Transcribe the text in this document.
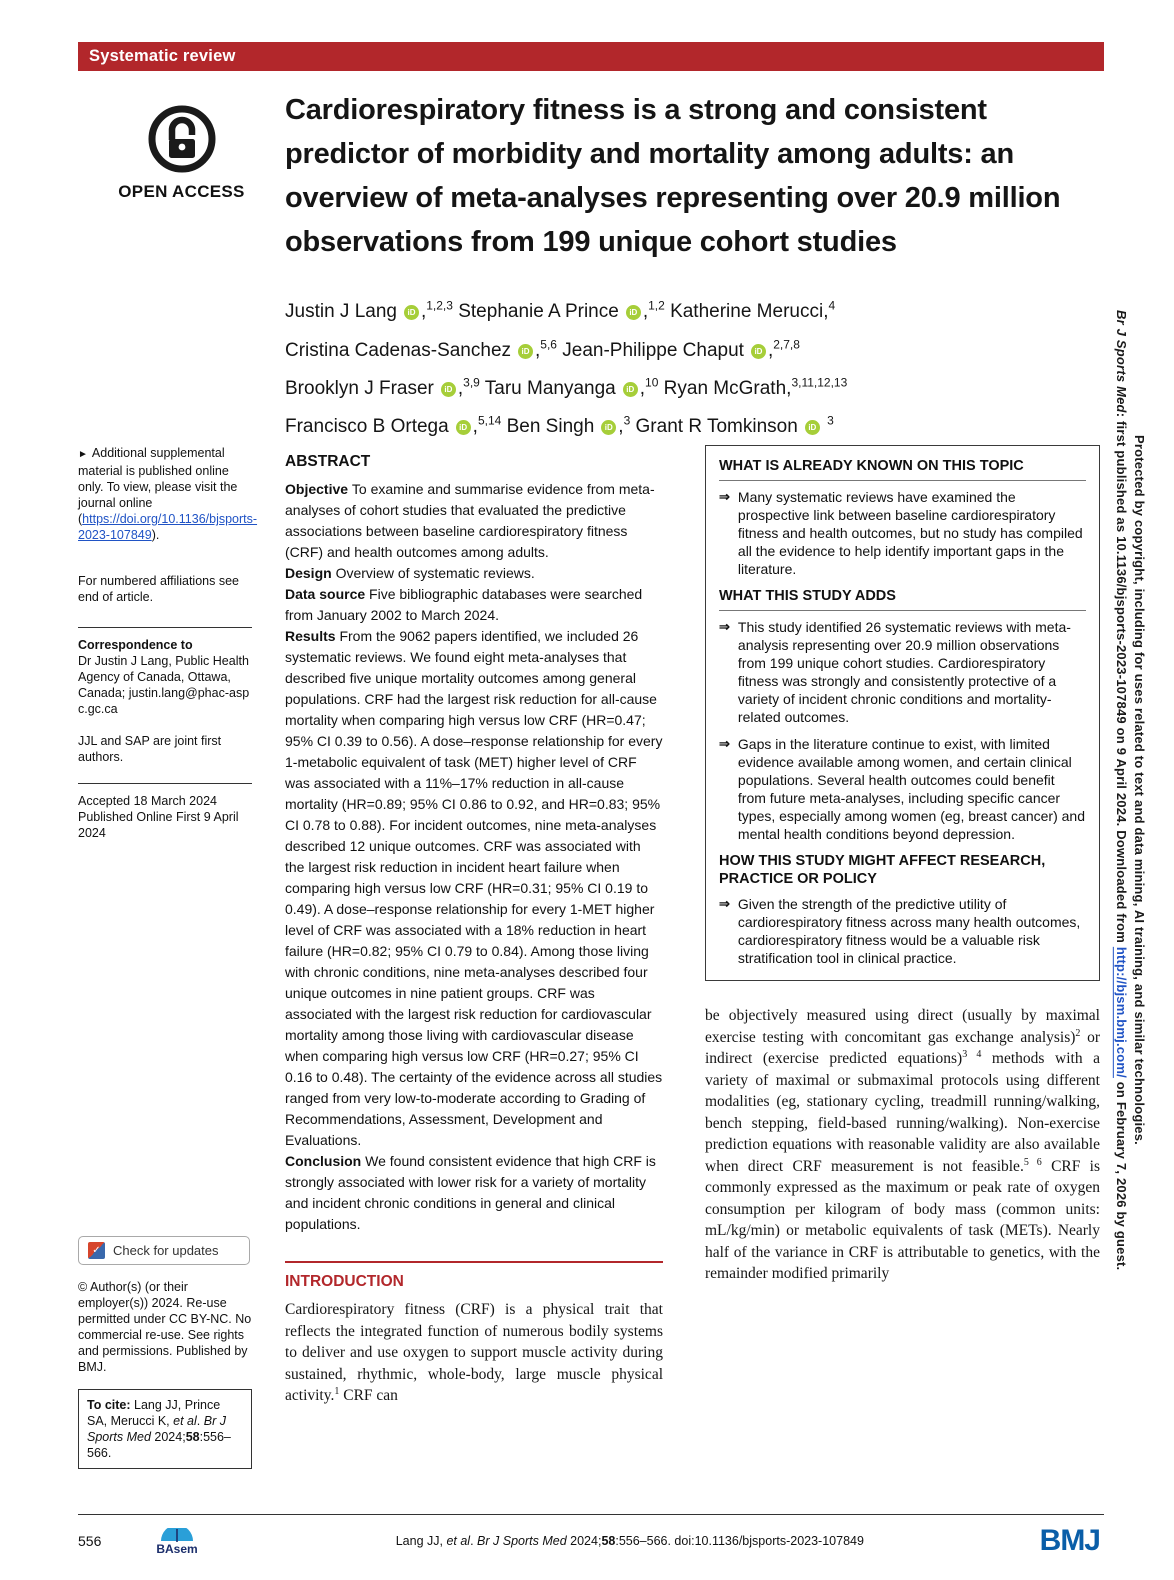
Systematic review
OPEN ACCESS
Cardiorespiratory fitness is a strong and consistent predictor of morbidity and mortality among adults: an overview of meta-analyses representing over 20.9 million observations from 199 unique cohort studies
Justin J Lang iD ,$^{1,2,3}$ Stephanie A Prince iD ,$^{1,2}$ Katherine Merucci,$^4$
Cristina Cadenas-Sanchez iD ,$^{5,6}$ Jean-Philippe Chaput iD ,$^{2,7,8}$
Brooklyn J Fraser iD ,$^{3,9}$ Taru Manyanga iD ,$^{10}$ Ryan McGrath,$^{3,11,12,13}$
Francisco B Ortega iD ,$^{5,14}$ Ben Singh iD ,$^3$ Grant R Tomkinson iD $^3$

► Additional supplemental material is published online only. To view, please visit the journal online (https://doi.org/10.1136/bjsports-2023-107849).

For numbered affiliations see end of article.

Correspondence to
Dr Justin J Lang, Public Health Agency of Canada, Ottawa, Canada; justin.lang@phac-aspc.gc.ca

JJL and SAP are joint first authors.

Accepted 18 March 2024
Published Online First 9 April 2024

✓ Check for updates

© Author(s) (or their employer(s)) 2024. Re-use permitted under CC BY-NC. No commercial re-use. See rights and permissions. Published by BMJ.

To cite: Lang JJ, Prince SA, Merucci K, et al. Br J Sports Med 2024;58:556–566.
ABSTRACT

Objective To examine and summarise evidence from meta-analyses of cohort studies that evaluated the predictive associations between baseline cardiorespiratory fitness (CRF) and health outcomes among adults.

Design Overview of systematic reviews.

Data source Five bibliographic databases were searched from January 2002 to March 2024.

Results From the 9062 papers identified, we included 26 systematic reviews. We found eight meta-analyses that described five unique mortality outcomes among general populations. CRF had the largest risk reduction for all-cause mortality when comparing high versus low CRF (HR=0.47; 95% CI 0.39 to 0.56). A dose–response relationship for every 1-metabolic equivalent of task (MET) higher level of CRF was associated with a 11%–17% reduction in all-cause mortality (HR=0.89; 95% CI 0.86 to 0.92, and HR=0.83; 95% CI 0.78 to 0.88). For incident outcomes, nine meta-analyses described 12 unique outcomes. CRF was associated with the largest risk reduction in incident heart failure when comparing high versus low CRF (HR=0.31; 95% CI 0.19 to 0.49). A dose–response relationship for every 1-MET higher level of CRF was associated with a 18% reduction in heart failure (HR=0.82; 95% CI 0.79 to 0.84). Among those living with chronic conditions, nine meta-analyses described four unique outcomes in nine patient groups. CRF was associated with the largest risk reduction for cardiovascular mortality among those living with cardiovascular disease when comparing high versus low CRF (HR=0.27; 95% CI 0.16 to 0.48). The certainty of the evidence across all studies ranged from very low-to-moderate according to Grading of Recommendations, Assessment, Development and Evaluations.

Conclusion We found consistent evidence that high CRF is strongly associated with lower risk for a variety of mortality and incident chronic conditions in general and clinical populations.

INTRODUCTION

Cardiorespiratory fitness (CRF) is a physical trait that reflects the integrated function of numerous bodily systems to deliver and use oxygen to support muscle activity during sustained, rhythmic, whole-body, large muscle physical activity.$^1$ CRF can

WHAT IS ALREADY KNOWN ON THIS TOPIC
⇒ Many systematic reviews have examined the prospective link between baseline cardiorespiratory fitness and health outcomes, but no study has compiled all the evidence to help identify important gaps in the literature.
WHAT THIS STUDY ADDS
⇒ This study identified 26 systematic reviews with meta-analysis representing over 20.9 million observations from 199 unique cohort studies. Cardiorespiratory fitness was strongly and consistently protective of a variety of incident chronic conditions and mortality-related outcomes.
⇒ Gaps in the literature continue to exist, with limited evidence available among women, and certain clinical populations. Several health outcomes could benefit from future meta-analyses, including specific cancer types, especially among women (eg, breast cancer) and mental health conditions beyond depression.
HOW THIS STUDY MIGHT AFFECT RESEARCH, PRACTICE OR POLICY
⇒ Given the strength of the predictive utility of cardiorespiratory fitness across many health outcomes, cardiorespiratory fitness would be a valuable risk stratification tool in clinical practice.

be objectively measured using direct (usually by maximal exercise testing with concomitant gas exchange analysis)$^2$ or indirect (exercise predicted equations)$^{3 4}$ methods with a variety of maximal or submaximal protocols using different modalities (eg, stationary cycling, treadmill running/walking, bench stepping, field-based running/walking). Non-exercise prediction equations with reasonable validity are also available when direct CRF measurement is not feasible.$^{5 6}$ CRF is commonly expressed as the maximum or peak rate of oxygen consumption per kilogram of body mass (common units: mL/kg/min) or metabolic equivalents of task (METs). Nearly half of the variance in CRF is attributable to genetics, with the remainder modified primarily

556	BAsem
Lang JJ, et al. Br J Sports Med 2024;58:556–566. doi:10.1136/bjsports-2023-107849	BMJ
Br J Sports Med: first published as 10.1136/bjsports-2023-107849 on 9 April 2024. Downloaded from http://bjsm.bmj.com/ on February 7, 2026 by guest.
Protected by copyright, including for uses related to text and data mining, AI training, and similar technologies.
